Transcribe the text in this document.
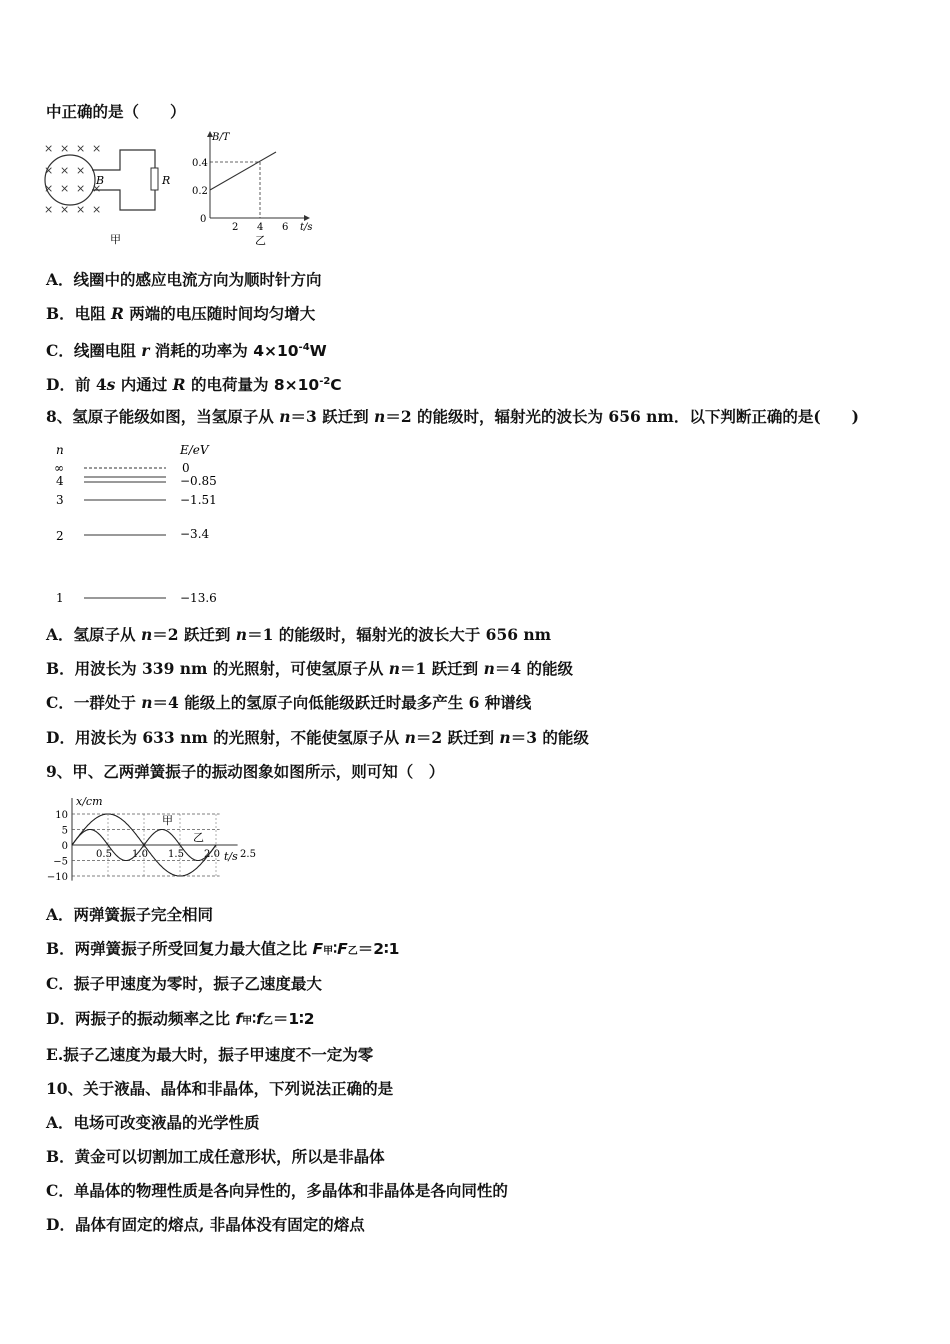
中正确的是（　　）
× × × ×
× × ×
× × × ×
× × × ×
B	R
甲
B/T
0.4
0.2
0
2 4 6 t/s
乙
A．线圈中的感应电流方向为顺时针方向
B．电阻 R 两端的电压随时间均匀增大
C．线圈电阻 r 消耗的功率为 $4\times 10^{-4}W$
D．前 4s 内通过 R 的电荷量为 $8\times 10^{-2}C$
8、氢原子能级如图，当氢原子从 n＝3 跃迁到 n＝2 的能级时，辐射光的波长为 656 nm．以下判断正确的是(　　)
n	E/eV
∞	0
4	−0.85
3	−1.51
2	−3.4
1	−13.6
A．氢原子从 n＝2 跃迁到 n＝1 的能级时，辐射光的波长大于 656 nm
B．用波长为 339 nm 的光照射，可使氢原子从 n＝1 跃迁到 n＝4 的能级
C．一群处于 n＝4 能级上的氢原子向低能级跃迁时最多产生 6 种谱线
D．用波长为 633 nm 的光照射，不能使氢原子从 n＝2 跃迁到 n＝3 的能级
9、甲、乙两弹簧振子的振动图象如图所示，则可知（　）
x/cm
t/s
10
5
0
−5
−10
0.5 1.0 1.5 2.0 2.5
甲
乙
A．两弹簧振子完全相同
B．两弹簧振子所受回复力最大值之比 F甲∶F乙＝2∶1
C．振子甲速度为零时，振子乙速度最大
D．两振子的振动频率之比 f甲∶f乙＝1∶2
E.振子乙速度为最大时，振子甲速度不一定为零
10、关于液晶、晶体和非晶体，下列说法正确的是
A．电场可改变液晶的光学性质
B．黄金可以切割加工成任意形状，所以是非晶体
C．单晶体的物理性质是各向异性的，多晶体和非晶体是各向同性的
D．晶体有固定的熔点, 非晶体没有固定的熔点
